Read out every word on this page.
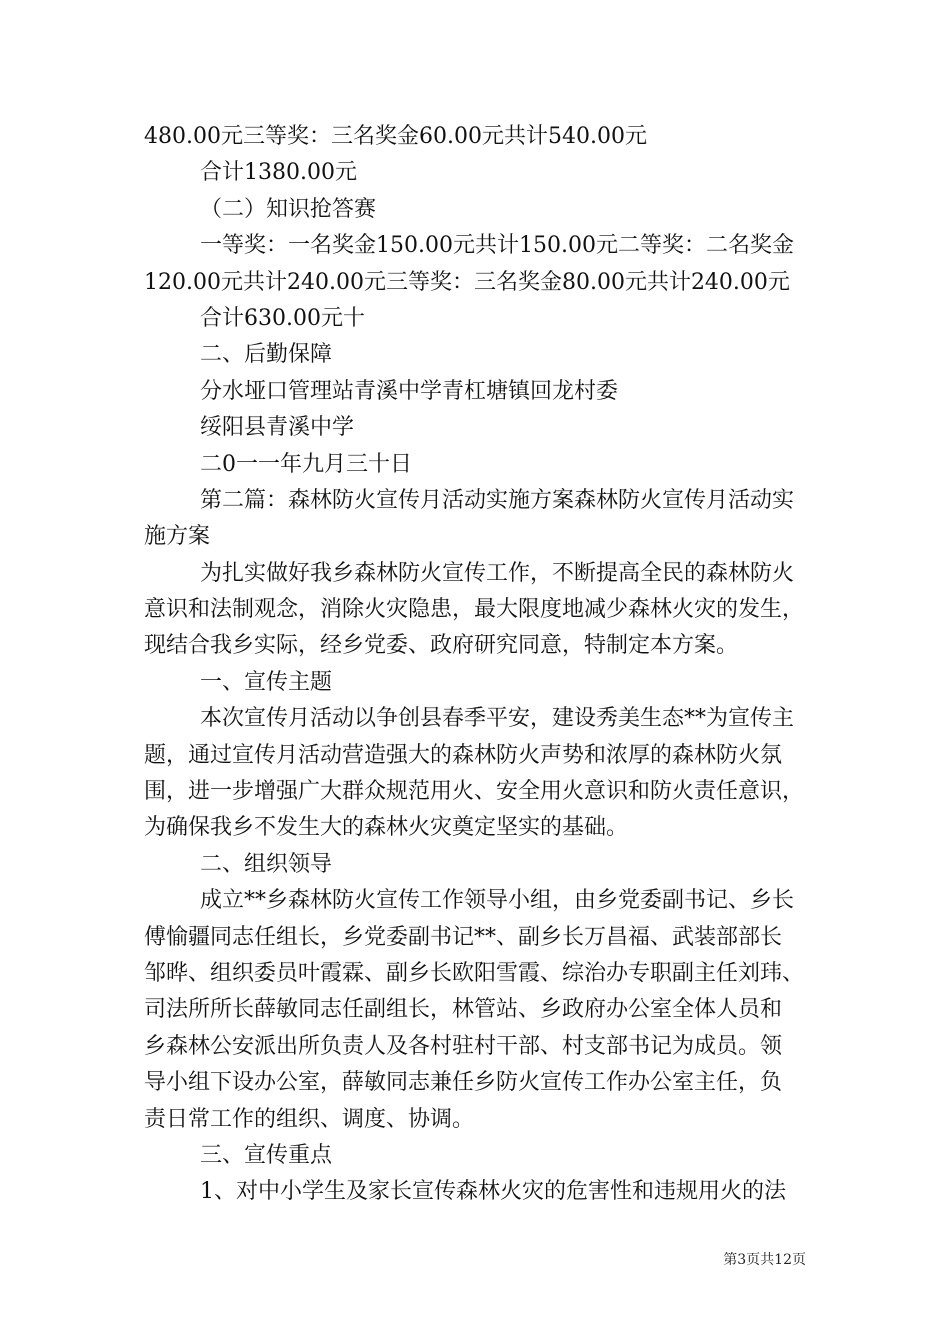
480.00元三等奖：三名奖金60.00元共计540.00元
合计1380.00元
（二）知识抢答赛
一等奖：一名奖金150.00元共计150.00元二等奖：二名奖金
120.00元共计240.00元三等奖：三名奖金80.00元共计240.00元
合计630.00元十
二、后勤保障
分水垭口管理站青溪中学青杠塘镇回龙村委
绥阳县青溪中学
二0一一年九月三十日
第二篇：森林防火宣传月活动实施方案森林防火宣传月活动实
施方案
为扎实做好我乡森林防火宣传工作，不断提高全民的森林防火
意识和法制观念，消除火灾隐患，最大限度地减少森林火灾的发生，
现结合我乡实际，经乡党委、政府研究同意，特制定本方案。
一、宣传主题
本次宣传月活动以争创县春季平安，建设秀美生态**为宣传主
题，通过宣传月活动营造强大的森林防火声势和浓厚的森林防火氛
围，进一步增强广大群众规范用火、安全用火意识和防火责任意识，
为确保我乡不发生大的森林火灾奠定坚实的基础。
二、组织领导
成立**乡森林防火宣传工作领导小组，由乡党委副书记、乡长
傅愉疆同志任组长，乡党委副书记**、副乡长万昌福、武装部部长
邹晔、组织委员叶霞霖、副乡长欧阳雪霞、综治办专职副主任刘玮、
司法所所长薛敏同志任副组长，林管站、乡政府办公室全体人员和
乡森林公安派出所负责人及各村驻村干部、村支部书记为成员。领
导小组下设办公室，薛敏同志兼任乡防火宣传工作办公室主任，负
责日常工作的组织、调度、协调。
三、宣传重点
1、对中小学生及家长宣传森林火灾的危害性和违规用火的法
第3页共12页
